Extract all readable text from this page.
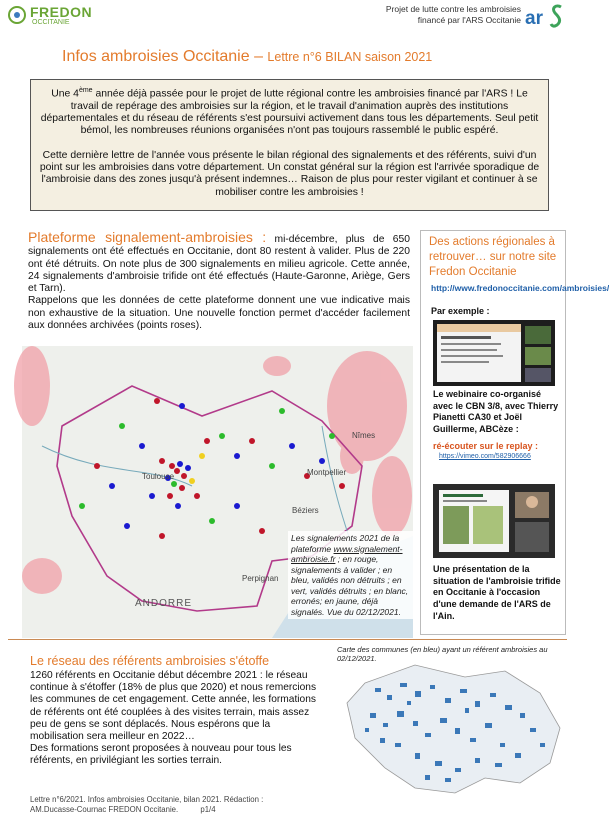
FREDON
OCCITANIE
Projet de lutte contre les ambroisies
financé par l'ARS Occitanie ar
Infos ambroisies Occitanie – Lettre n°6 BILAN saison 2021

Une 4ème année déjà passée pour le projet de lutte régional contre les ambroisies financé par l'ARS ! Le travail de repérage des ambroisies sur la région, et le travail d'animation auprès des institutions départementales et du réseau de référents s'est poursuivi activement dans tous les départements. Seul petit bémol, les nombreuses réunions organisées n'ont pas toujours rassemblé le public espéré.

Cette dernière lettre de l'année vous présente le bilan régional des signalements et des référents, suivi d'un point sur les ambroisies dans votre département. Un constat général sur la région est l'arrivée sporadique de l'ambroisie dans des zones jusqu'à présent indemnes… Raison de plus pour rester vigilant et continuer à se mobiliser contre les ambroisies !

Plateforme signalement-ambroisies : mi-décembre, plus de 650 signalements ont été effectués en Occitanie, dont 80 restent à valider. Plus de 220 ont été détruits. On note plus de 300 signalements en milieu agricole. Cette année, 24 signalements d'ambroisie trifide ont été effectués (Haute-Garonne, Ariège, Gers et Tarn).

Rappelons que les données de cette plateforme donnent une vue indicative mais non exhaustive de la situation. Une nouvelle fonction permet d'accéder facilement aux données archivées (points roses).

Toulouse	Montpellier
Nîmes
Béziers
Perpignan
ANDORRE
Les signalements 2021 de la plateforme www.signalement-ambroisie.fr ; en rouge, signalements à valider ; en bleu, validés non détruits ; en vert, validés détruits ; en blanc, erronés; en jaune, déjà signalés. Vue du 02/12/2021.
Des actions régionales à retrouver… sur notre site Fredon Occitanie
http://www.fredonoccitanie.com/ambroisies/
Par exemple :
Le webinaire co-organisé avec le CBN 3/8, avec Thierry Pianetti CA30 et Joël Guillerme, ABCèze :
ré-écouter sur le replay :
https://vimeo.com/582906666
Une présentation de la situation de l'ambroisie trifide en Occitanie à l'occasion d'une demande de l'ARS de l'Ain.
Le réseau des référents ambroisies s'étoffe

1260 référents en Occitanie début décembre 2021 : le réseau continue à s'étoffer (18% de plus que 2020) et nous remercions les communes de cet engagement. Cette année, les formations de référents ont été couplées à des visites terrain, mais assez peu de gens se sont déplacés. Nous espérons que la mobilisation sera meilleur en 2022…

Des formations seront proposées à nouveau pour tous les référents, en privilégiant les sorties terrain.

Carte des communes (en bleu) ayant un référent ambroisies au 02/12/2021.
Lettre n°6/2021. Infos ambroisies Occitanie, bilan 2021. Rédaction : AM.Ducasse-Cournac FREDON Occitanie.	p1/4
